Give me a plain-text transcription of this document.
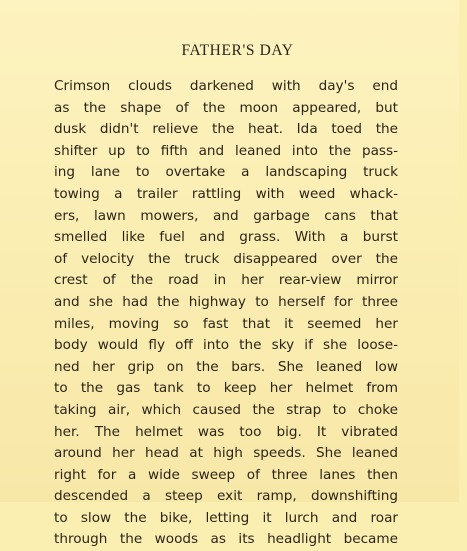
FATHER'S DAY
Crimson clouds darkened with day's end
as the shape of the moon appeared, but
dusk didn't relieve the heat. Ida toed the
shifter up to fifth and leaned into the pass-
ing lane to overtake a landscaping truck
towing a trailer rattling with weed whack-
ers, lawn mowers, and garbage cans that
smelled like fuel and grass. With a burst
of velocity the truck disappeared over the
crest of the road in her rear-view mirror
and she had the highway to herself for three
miles, moving so fast that it seemed her
body would fly off into the sky if she loose-
ned her grip on the bars. She leaned low
to the gas tank to keep her helmet from
taking air, which caused the strap to choke
her. The helmet was too big. It vibrated
around her head at high speeds. She leaned
right for a wide sweep of three lanes then
descended a steep exit ramp, downshifting
to slow the bike, letting it lurch and roar
through the woods as its headlight became
